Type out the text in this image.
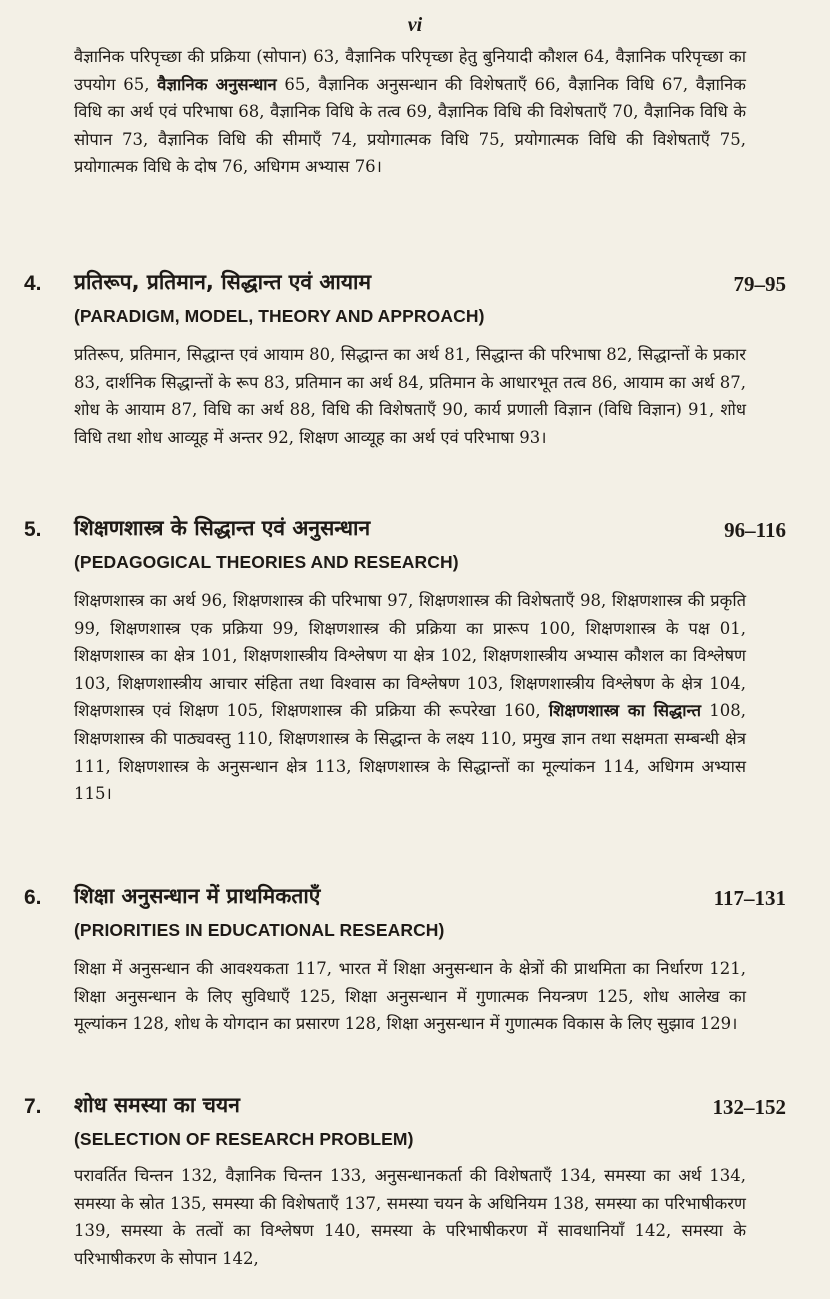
vi

वैज्ञानिक परिपृच्छा की प्रक्रिया (सोपान) 63, वैज्ञानिक परिपृच्छा हेतु बुनियादी कौशल 64, वैज्ञानिक परिपृच्छा का उपयोग 65, वैज्ञानिक अनुसन्धान 65, वैज्ञानिक अनुसन्धान की विशेषताएँ 66, वैज्ञानिक विधि 67, वैज्ञानिक विधि का अर्थ एवं परिभाषा 68, वैज्ञानिक विधि के तत्व 69, वैज्ञानिक विधि की विशेषताएँ 70, वैज्ञानिक विधि के सोपान 73, वैज्ञानिक विधि की सीमाएँ 74, प्रयोगात्मक विधि 75, प्रयोगात्मक विधि की विशेषताएँ 75, प्रयोगात्मक विधि के दोष 76, अधिगम अभ्यास 76।

4. प्रतिरूप, प्रतिमान, सिद्धान्त एवं आयाम	79–95
(PARADIGM, MODEL, THEORY AND APPROACH)

प्रतिरूप, प्रतिमान, सिद्धान्त एवं आयाम 80, सिद्धान्त का अर्थ 81, सिद्धान्त की परिभाषा 82, सिद्धान्तों के प्रकार 83, दार्शनिक सिद्धान्तों के रूप 83, प्रतिमान का अर्थ 84, प्रतिमान के आधारभूत तत्व 86, आयाम का अर्थ 87, शोध के आयाम 87, विधि का अर्थ 88, विधि की विशेषताएँ 90, कार्य प्रणाली विज्ञान (विधि विज्ञान) 91, शोध विधि तथा शोध आव्यूह में अन्तर 92, शिक्षण आव्यूह का अर्थ एवं परिभाषा 93।

5. शिक्षणशास्त्र के सिद्धान्त एवं अनुसन्धान	96–116
(PEDAGOGICAL THEORIES AND RESEARCH)

शिक्षणशास्त्र का अर्थ 96, शिक्षणशास्त्र की परिभाषा 97, शिक्षणशास्त्र की विशेषताएँ 98, शिक्षणशास्त्र की प्रकृति 99, शिक्षणशास्त्र एक प्रक्रिया 99, शिक्षणशास्त्र की प्रक्रिया का प्रारूप 100, शिक्षणशास्त्र के पक्ष 01, शिक्षणशास्त्र का क्षेत्र 101, शिक्षणशास्त्रीय विश्लेषण या क्षेत्र 102, शिक्षणशास्त्रीय अभ्यास कौशल का विश्लेषण 103, शिक्षणशास्त्रीय आचार संहिता तथा विश्वास का विश्लेषण 103, शिक्षणशास्त्रीय विश्लेषण के क्षेत्र 104, शिक्षणशास्त्र एवं शिक्षण 105, शिक्षणशास्त्र की प्रक्रिया की रूपरेखा 160, शिक्षणशास्त्र का सिद्धान्त 108, शिक्षणशास्त्र की पाठ्यवस्तु 110, शिक्षणशास्त्र के सिद्धान्त के लक्ष्य 110, प्रमुख ज्ञान तथा सक्षमता सम्बन्धी क्षेत्र 111, शिक्षणशास्त्र के अनुसन्धान क्षेत्र 113, शिक्षणशास्त्र के सिद्धान्तों का मूल्यांकन 114, अधिगम अभ्यास 115।

6. शिक्षा अनुसन्धान में प्राथमिकताएँ	117–131
(PRIORITIES IN EDUCATIONAL RESEARCH)

शिक्षा में अनुसन्धान की आवश्यकता 117, भारत में शिक्षा अनुसन्धान के क्षेत्रों की प्राथमिता का निर्धारण 121, शिक्षा अनुसन्धान के लिए सुविधाएँ 125, शिक्षा अनुसन्धान में गुणात्मक नियन्त्रण 125, शोध आलेख का मूल्यांकन 128, शोध के योगदान का प्रसारण 128, शिक्षा अनुसन्धान में गुणात्मक विकास के लिए सुझाव 129।

7. शोध समस्या का चयन	132–152
(SELECTION OF RESEARCH PROBLEM)

परावर्तित चिन्तन 132, वैज्ञानिक चिन्तन 133, अनुसन्धानकर्ता की विशेषताएँ 134, समस्या का अर्थ 134, समस्या के स्रोत 135, समस्या की विशेषताएँ 137, समस्या चयन के अधिनियम 138, समस्या का परिभाषीकरण 139, समस्या के तत्वों का विश्लेषण 140, समस्या के परिभाषीकरण में सावधानियाँ 142, समस्या के परिभाषीकरण के सोपान 142,
